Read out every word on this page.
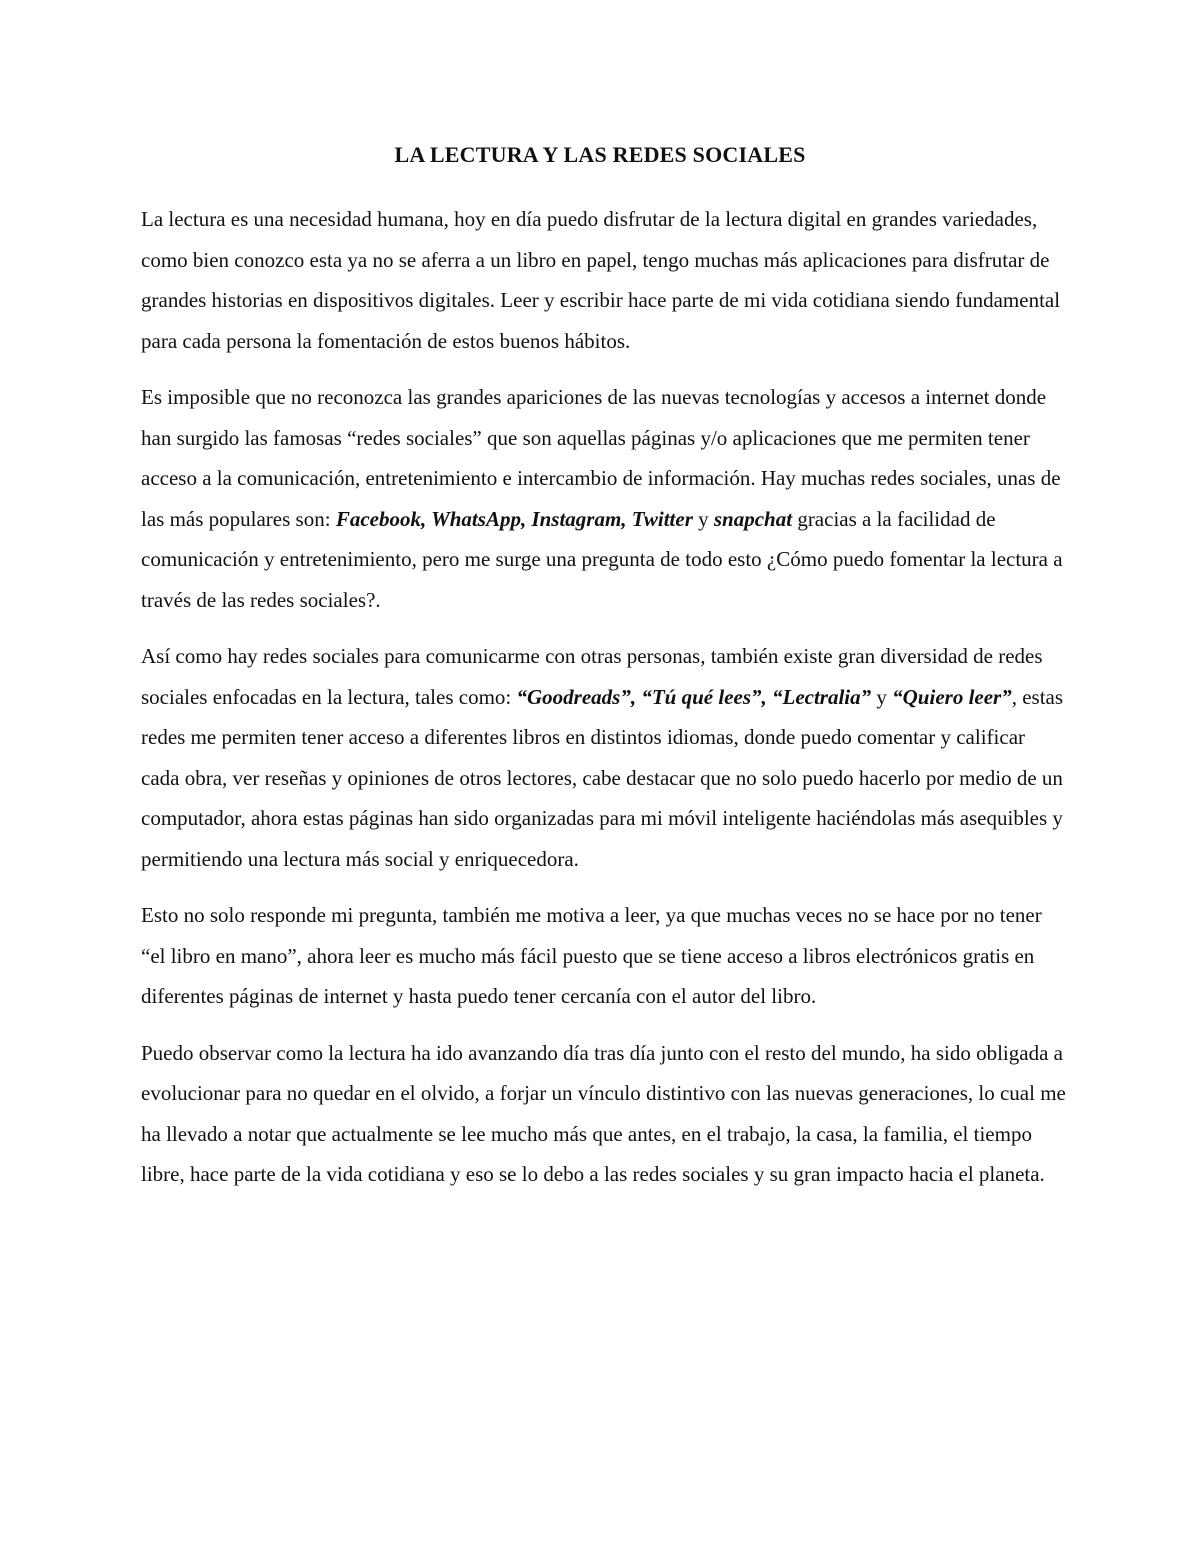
LA LECTURA Y LAS REDES SOCIALES

La lectura es una necesidad humana, hoy en día puedo disfrutar de la lectura digital en grandes variedades, como bien conozco esta ya no se aferra a un libro en papel, tengo muchas más aplicaciones para disfrutar de grandes historias en dispositivos digitales. Leer y escribir hace parte de mi vida cotidiana siendo fundamental para cada persona la fomentación de estos buenos hábitos.

Es imposible que no reconozca las grandes apariciones de las nuevas tecnologías y accesos a internet donde han surgido las famosas “redes sociales” que son aquellas páginas y/o aplicaciones que me permiten tener acceso a la comunicación, entretenimiento e intercambio de información. Hay muchas redes sociales, unas de las más populares son: Facebook, WhatsApp, Instagram, Twitter y snapchat gracias a la facilidad de comunicación y entretenimiento, pero me surge una pregunta de todo esto ¿Cómo puedo fomentar la lectura a través de las redes sociales?.

Así como hay redes sociales para comunicarme con otras personas, también existe gran diversidad de redes sociales enfocadas en la lectura, tales como: “Goodreads”, “Tú qué lees”, “Lectralia” y “Quiero leer”, estas redes me permiten tener acceso a diferentes libros en distintos idiomas, donde puedo comentar y calificar cada obra, ver reseñas y opiniones de otros lectores, cabe destacar que no solo puedo hacerlo por medio de un computador, ahora estas páginas han sido organizadas para mi móvil inteligente haciéndolas más asequibles y permitiendo una lectura más social y enriquecedora.

Esto no solo responde mi pregunta, también me motiva a leer, ya que muchas veces no se hace por no tener “el libro en mano”, ahora leer es mucho más fácil puesto que se tiene acceso a libros electrónicos gratis en diferentes páginas de internet y hasta puedo tener cercanía con el autor del libro.

Puedo observar como la lectura ha ido avanzando día tras día junto con el resto del mundo, ha sido obligada a evolucionar para no quedar en el olvido, a forjar un vínculo distintivo con las nuevas generaciones, lo cual me ha llevado a notar que actualmente se lee mucho más que antes, en el trabajo, la casa, la familia, el tiempo libre, hace parte de la vida cotidiana y eso se lo debo a las redes sociales y su gran impacto hacia el planeta.
